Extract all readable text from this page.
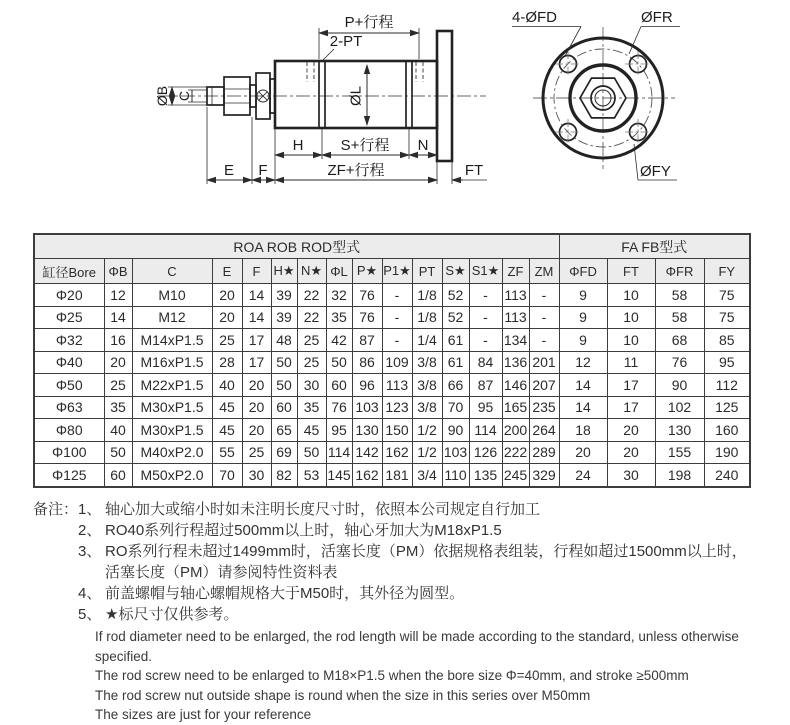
P+行程
2-PT
ØL
ØB C
H S+行程 N
E F	ZF+行程	FT
4-ØFD	ØFR
ØFY
ROA ROB ROD型式															FA FB型式			
缸径Bore	ΦB	C	E	F	H★	N★	ΦL	P★	P1★	PT	S★	S1★	ZF	ZM	ΦFD	FT	ΦFR	FY
Φ20	12	M10	20	14	39	22	32	76	-	1/8	52	-	113	-	9	10	58	75
Φ25	14	M12	20	14	39	22	35	76	-	1/8	52	-	113	-	9	10	58	75
Φ32	16	M14xP1.5	25	17	48	25	42	87	-	1/4	61	-	134	-	9	10	68	85
Φ40	20	M16xP1.5	28	17	50	25	50	86	109	3/8	61	84	136	201	12	11	76	95
Φ50	25	M22xP1.5	40	20	50	30	60	96	113	3/8	66	87	146	207	14	17	90	112
Φ63	35	M30xP1.5	45	20	60	35	76	103	123	3/8	70	95	165	235	14	17	102	125
Φ80	40	M30xP1.5	45	20	65	45	95	130	150	1/2	90	114	200	264	18	20	130	160
Φ100	50	M40xP2.0	55	25	69	50	114	142	162	1/2	103	126	222	289	20	20	155	190
Φ125	60	M50xP2.0	70	30	82	53	145	162	181	3/4	110	135	245	329	24	30	198	240
备注： 1、 轴心加大或缩小时如未注明长度尺寸时，依照本公司规定自行加工
2、 RO40系列行程超过500mm以上时，轴心牙加大为M18xP1.5
3、 RO系列行程未超过1499mm时，活塞长度（PM）依据规格表组装，行程如超过1500mm以上时，
活塞长度（PM）请参阅特性资料表
4、 前盖螺帽与轴心螺帽规格大于M50时，其外径为圆型。
5、 ★标尺寸仅供参考。
If rod diameter need to be enlarged, the rod length will be made according to the standard, unless otherwise specified.
The rod screw need to be enlarged to M18×P1.5 when the bore size Φ=40mm, and stroke ≥500mm
The rod screw nut outside shape is round when the size in this series over M50mm
The sizes are just for your reference
